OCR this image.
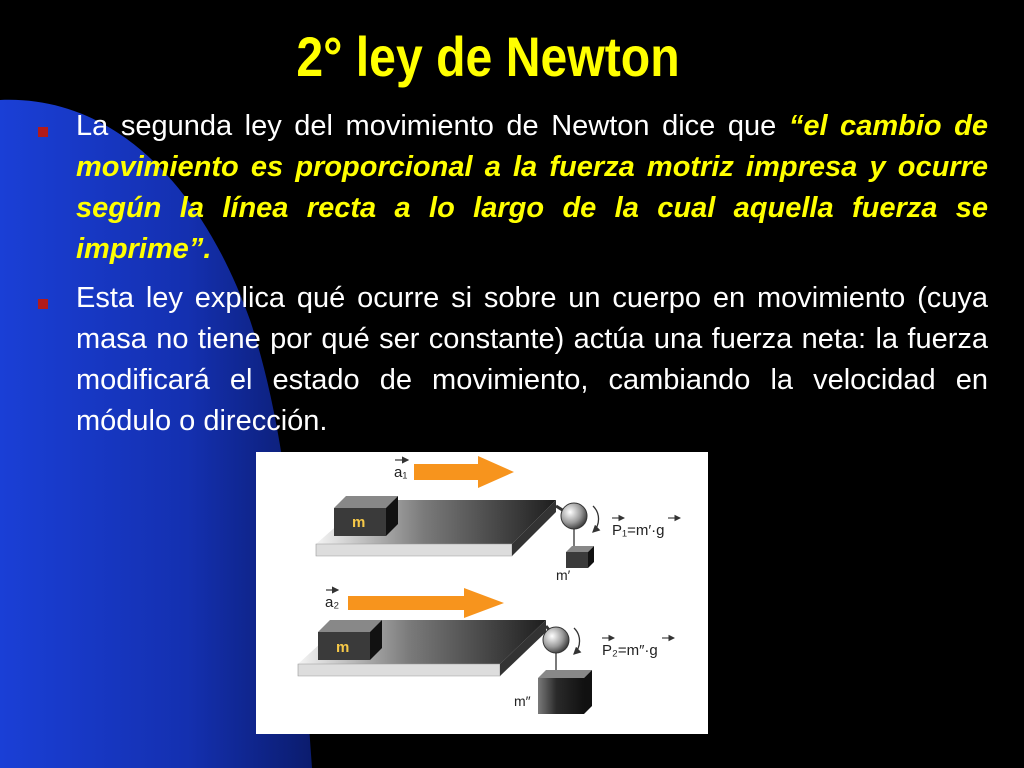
2° ley de Newton

La segunda ley del movimiento de Newton dice que “el cambio de movimiento es proporcional a la fuerza motriz impresa y ocurre según la línea recta a lo largo de la cual aquella fuerza se imprime”.

Esta ley explica qué ocurre si sobre un cuerpo en movimiento (cuya masa no tiene por qué ser constante) actúa una fuerza neta: la fuerza modificará el estado de movimiento, cambiando la velocidad en módulo o dirección.

a₁
m
m′
P₁=m′·g
a₂
m
m″
P₂=m″·g
